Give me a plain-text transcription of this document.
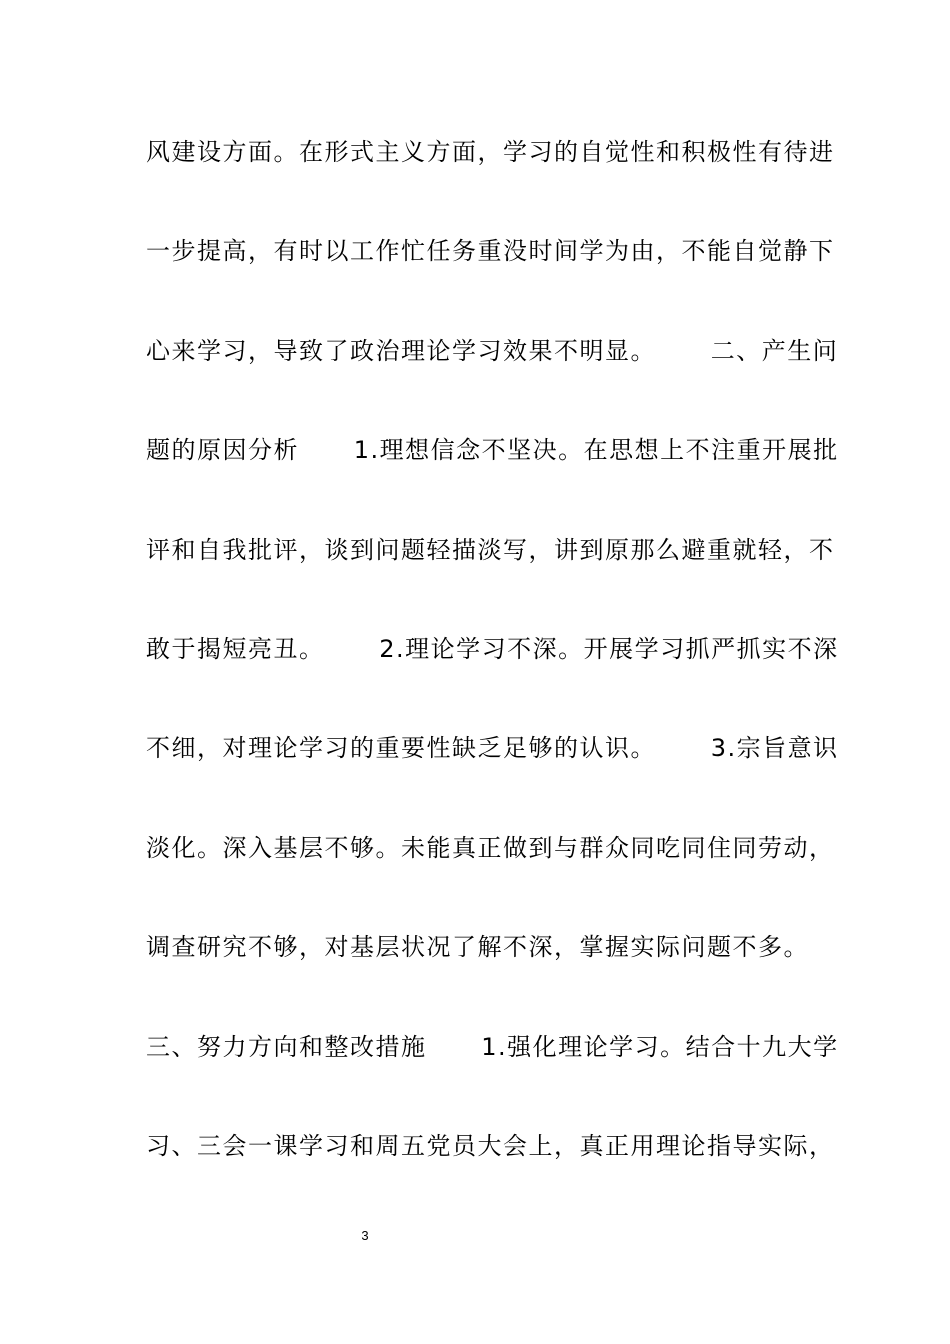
风建设方面。在形式主义方面，学习的自觉性和积极性有待进
一步提高，有时以工作忙任务重没时间学为由，不能自觉静下
心来学习，导致了政治理论学习效果不明显。      二、产生问
题的原因分析      1.理想信念不坚决。在思想上不注重开展批
评和自我批评，谈到问题轻描淡写，讲到原那么避重就轻，不
敢于揭短亮丑。      2.理论学习不深。开展学习抓严抓实不深
不细，对理论学习的重要性缺乏足够的认识。      3.宗旨意识
淡化。深入基层不够。未能真正做到与群众同吃同住同劳动，
调查研究不够，对基层状况了解不深，掌握实际问题不多。
三、努力方向和整改措施      1.强化理论学习。结合十九大学
习、三会一课学习和周五党员大会上，真正用理论指导实际，
3
